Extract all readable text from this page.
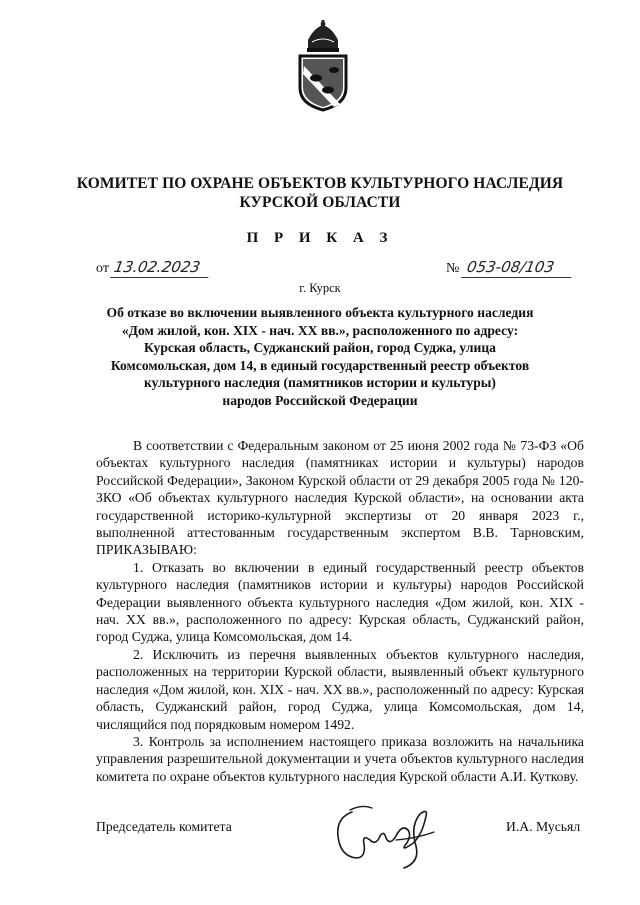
КОМИТЕТ ПО ОХРАНЕ ОБЪЕКТОВ КУЛЬТУРНОГО НАСЛЕДИЯ
КУРСКОЙ ОБЛАСТИ
П Р И К А З
от 13.02.2023	№ 053-08/103
г. Курск
Об отказе во включении выявленного объекта культурного наследия
«Дом жилой, кон. XIX - нач. XX вв.», расположенного по адресу:
Курская область, Суджанский район, город Суджа, улица
Комсомольская, дом 14, в единый государственный реестр объектов
культурного наследия (памятников истории и культуры)
народов Российской Федерации

В соответствии с Федеральным законом от 25 июня 2002 года № 73-ФЗ «Об объектах культурного наследия (памятниках истории и культуры) народов Российской Федерации», Законом Курской области от 29 декабря 2005 года № 120-ЗКО «Об объектах культурного наследия Курской области», на основании акта государственной историко-культурной экспертизы от 20 января 2023 г., выполненной аттестованным государственным экспертом В.В. Тарновским, ПРИКАЗЫВАЮ:

1. Отказать во включении в единый государственный реестр объектов культурного наследия (памятников истории и культуры) народов Российской Федерации выявленного объекта культурного наследия «Дом жилой, кон. XIX - нач. XX вв.», расположенного по адресу: Курская область, Суджанский район, город Суджа, улица Комсомольская, дом 14.

2. Исключить из перечня выявленных объектов культурного наследия, расположенных на территории Курской области, выявленный объект культурного наследия «Дом жилой, кон. XIX - нач. XX вв.», расположенный по адресу: Курская область, Суджанский район, город Суджа, улица Комсомольская, дом 14, числящийся под порядковым номером 1492.

3. Контроль за исполнением настоящего приказа возложить на начальника управления разрешительной документации и учета объектов культурного наследия комитета по охране объектов культурного наследия Курской области А.И. Куткову.

Председатель комитета	И.А. Мусьял
